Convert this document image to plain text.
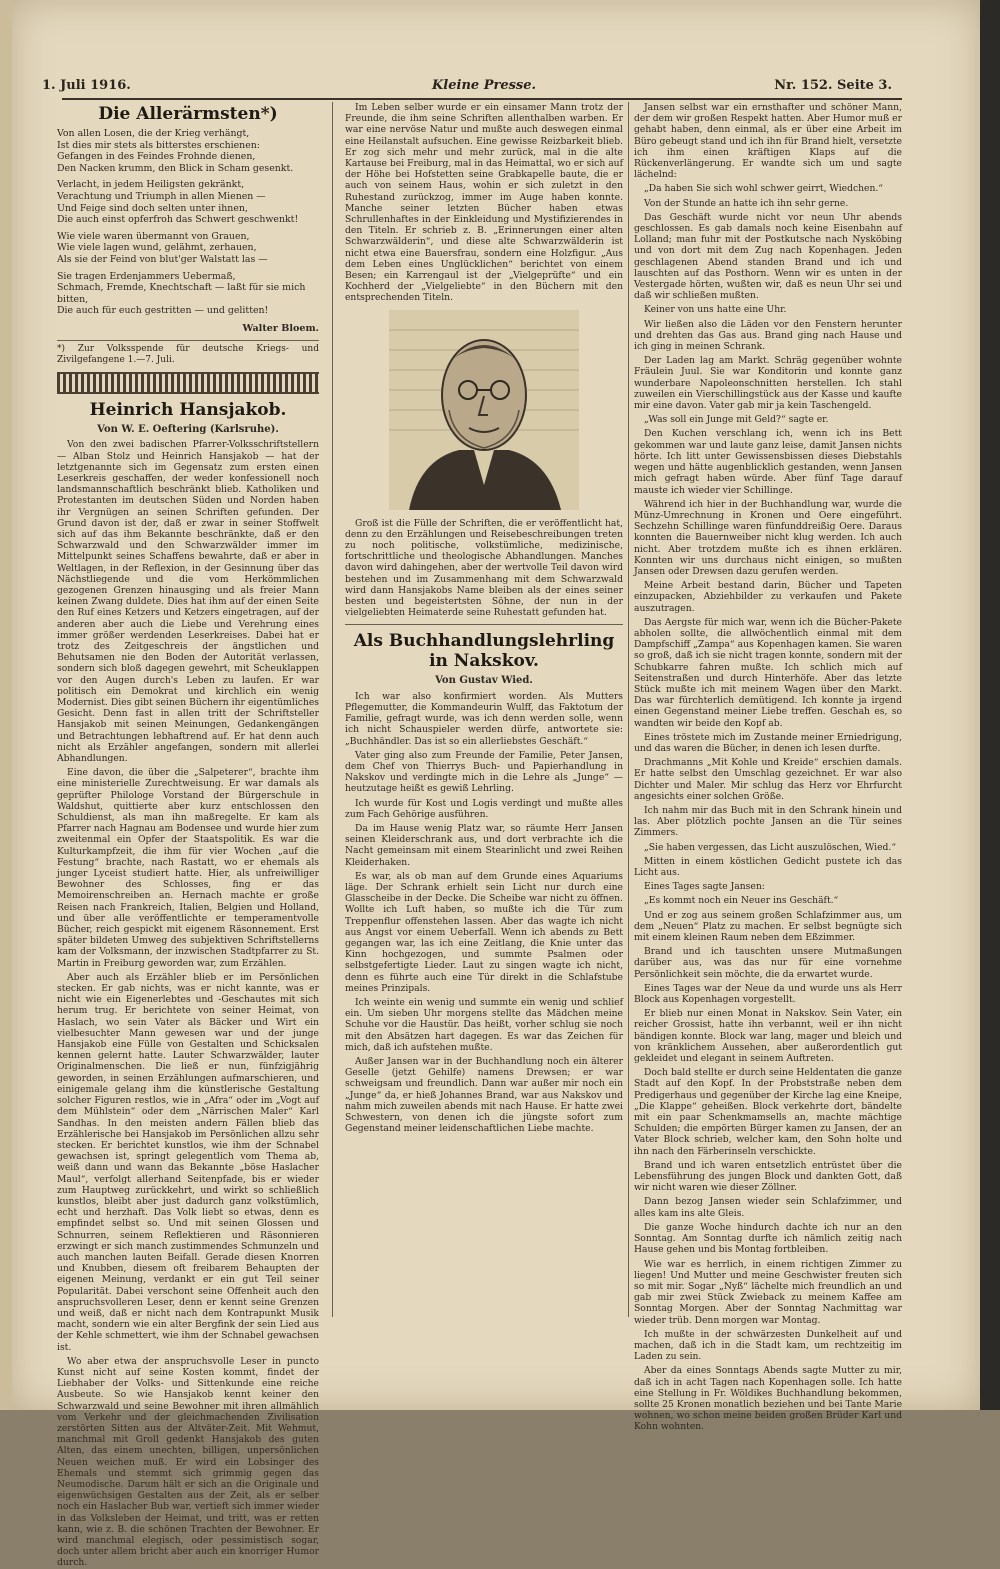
1. Juli 1916.	Kleine Presse.	Nr. 152. Seite 3.
Die Allerärmsten*)

Von allen Losen, die der Krieg verhängt,
Ist dies mir stets als bitterstes erschienen:
Gefangen in des Feindes Frohnde dienen,
Den Nacken krumm, den Blick in Scham gesenkt.

Verlacht, in jedem Heiligsten gekränkt,
Verachtung und Triumph in allen Mienen —
Und Feige sind doch selten unter ihnen,
Die auch einst opferfroh das Schwert geschwenkt!

Wie viele waren übermannt von Grauen,
Wie viele lagen wund, gelähmt, zerhauen,
Als sie der Feind von blut'ger Walstatt las —

Sie tragen Erdenjammers Uebermaß,
Schmach, Fremde, Knechtschaft — laßt für sie mich bitten,
Die auch für euch gestritten — und gelitten!

Walter Bloem.
*) Zur Volksspende für deutsche Kriegs- und Zivilgefangene 1.—7. Juli.
Heinrich Hansjakob.
Von W. E. Oeftering (Karlsruhe).

Von den zwei badischen Pfarrer-Volksschriftstellern — Alban Stolz und Heinrich Hansjakob — hat der letztgenannte sich im Gegensatz zum ersten einen Leserkreis geschaffen, der weder konfessionell noch landsmannschaftlich beschränkt blieb. Katholiken und Protestanten im deutschen Süden und Norden haben ihr Vergnügen an seinen Schriften gefunden. Der Grund davon ist der, daß er zwar in seiner Stoffwelt sich auf das ihm Bekannte beschränkte, daß er den Schwarzwald und den Schwarzwälder immer im Mittelpunkt seines Schaffens bewahrte, daß er aber in Weltlagen, in der Reflexion, in der Gesinnung über das Nächstliegende und die vom Herkömmlichen gezogenen Grenzen hinausging und als freier Mann keinen Zwang duldete. Dies hat ihm auf der einen Seite den Ruf eines Ketzers und Ketzers eingetragen, auf der anderen aber auch die Liebe und Verehrung eines immer größer werdenden Leserkreises. Dabei hat er trotz des Zeitgeschreis der ängstlichen und Behutsamen nie den Boden der Autorität verlassen, sondern sich bloß dagegen gewehrt, mit Scheuklappen vor den Augen durch's Leben zu laufen. Er war politisch ein Demokrat und kirchlich ein wenig Modernist. Dies gibt seinen Büchern ihr eigentümliches Gesicht. Denn fast in allen tritt der Schriftsteller Hansjakob mit seinen Meinungen, Gedankengängen und Betrachtungen lebhaftrend auf. Er hat denn auch nicht als Erzähler angefangen, sondern mit allerlei Abhandlungen.

Eine davon, die über die „Salpeterer“, brachte ihm eine ministerielle Zurechtweisung. Er war damals als geprüfter Philologe Vorstand der Bürgerschule in Waldshut, quittierte aber kurz entschlossen den Schuldienst, als man ihn maßregelte. Er kam als Pfarrer nach Hagnau am Bodensee und wurde hier zum zweitenmal ein Opfer der Staatspolitik. Es war die Kulturkampfzeit, die ihm für vier Wochen „auf die Festung“ brachte, nach Rastatt, wo er ehemals als junger Lyceist studiert hatte. Hier, als unfreiwilliger Bewohner des Schlosses, fing er das Memoirenschreiben an. Hernach machte er große Reisen nach Frankreich, Italien, Belgien und Holland, und über alle veröffentlichte er temperamentvolle Bücher, reich gespickt mit eigenem Räsonnement. Erst später bildeten Umweg des subjektiven Schriftstellerns kam der Volksmann, der inzwischen Stadtpfarrer zu St. Martin in Freiburg geworden war, zum Erzählen.

Aber auch als Erzähler blieb er im Persönlichen stecken. Er gab nichts, was er nicht kannte, was er nicht wie ein Eigenerlebtes und -Geschautes mit sich herum trug. Er berichtete von seiner Heimat, von Haslach, wo sein Vater als Bäcker und Wirt ein vielbesuchter Mann gewesen war und der junge Hansjakob eine Fülle von Gestalten und Schicksalen kennen gelernt hatte. Lauter Schwarzwälder, lauter Originalmenschen. Die ließ er nun, fünfzigjährig geworden, in seinen Erzählungen aufmarschieren, und einigemale gelang ihm die künstlerische Gestaltung solcher Figuren restlos, wie in „Afra“ oder im „Vogt auf dem Mühlstein“ oder dem „Närrischen Maler“ Karl Sandhas. In den meisten andern Fällen blieb das Erzählerische bei Hansjakob im Persönlichen allzu sehr stecken. Er berichtet kunstlos, wie ihm der Schnabel gewachsen ist, springt gelegentlich vom Thema ab, weiß dann und wann das Bekannte „böse Haslacher Maul“, verfolgt allerhand Seitenpfade, bis er wieder zum Hauptweg zurückkehrt, und wirkt so schließlich kunstlos, bleibt aber just dadurch ganz volkstümlich, echt und herzhaft. Das Volk liebt so etwas, denn es empfindet selbst so. Und mit seinen Glossen und Schnurren, seinem Reflektieren und Räsonnieren erzwingt er sich manch zustimmendes Schmunzeln und auch manchen lauten Beifall. Gerade diesen Knorren und Knubben, diesem oft freibarem Behaupten der eigenen Meinung, verdankt er ein gut Teil seiner Popularität. Dabei verschont seine Offenheit auch den anspruchsvolleren Leser, denn er kennt seine Grenzen und weiß, daß er nicht nach dem Kontrapunkt Musik macht, sondern wie ein alter Bergfink der sein Lied aus der Kehle schmettert, wie ihm der Schnabel gewachsen ist.

Wo aber etwa der anspruchsvolle Leser in puncto Kunst nicht auf seine Kosten kommt, findet der Liebhaber der Volks- und Sittenkunde eine reiche Ausbeute. So wie Hansjakob kennt keiner den Schwarzwald und seine Bewohner mit ihren allmählich vom Verkehr und der gleichmachenden Zivilisation zerstörten Sitten aus der Altväter-Zeit. Mit Wehmut, manchmal mit Groll gedenkt Hansjakob des guten Alten, das einem unechten, billigen, unpersönlichen Neuen weichen muß. Er wird ein Lobsinger des Ehemals und stemmt sich grimmig gegen das Neumodische. Darum hält er sich an die Originale und eigenwüchsigen Gestalten aus der Zeit, als er selber noch ein Haslacher Bub war, vertieft sich immer wieder in das Volksleben der Heimat, und tritt, was er retten kann, wie z. B. die schönen Trachten der Bewohner. Er wird manchmal elegisch, oder pessimistisch sogar, doch unter allem bricht aber auch ein knorriger Humor durch.

Im Leben selber wurde er ein einsamer Mann trotz der Freunde, die ihm seine Schriften allenthalben warben. Er war eine nervöse Natur und mußte auch deswegen einmal eine Heilanstalt aufsuchen. Eine gewisse Reizbarkeit blieb. Er zog sich mehr und mehr zurück, mal in die alte Kartause bei Freiburg, mal in das Heimattal, wo er sich auf der Höhe bei Hofstetten seine Grabkapelle baute, die er auch von seinem Haus, wohin er sich zuletzt in den Ruhestand zurückzog, immer im Auge haben konnte. Manche seiner letzten Bücher haben etwas Schrullenhaftes in der Einkleidung und Mystifizierendes in den Titeln. Er schrieb z. B. „Erinnerungen einer alten Schwarzwälderin“, und diese alte Schwarzwälderin ist nicht etwa eine Bauersfrau, sondern eine Holzfigur. „Aus dem Leben eines Unglücklichen“ berichtet von einem Besen; ein Karrengaul ist der „Vielgeprüfte“ und ein Kochherd der „Vielgeliebte“ in den Büchern mit den entsprechenden Titeln.

Groß ist die Fülle der Schriften, die er veröffentlicht hat, denn zu den Erzählungen und Reisebeschreibungen treten zu noch politische, volkstümliche, medizinische, fortschrittliche und theologische Abhandlungen. Manches davon wird dahingehen, aber der wertvolle Teil davon wird bestehen und im Zusammenhang mit dem Schwarzwald wird dann Hansjakobs Name bleiben als der eines seiner besten und begeistertsten Söhne, der nun in der vielgeliebten Heimaterde seine Ruhestatt gefunden hat.

Als Buchhandlungslehrling in Nakskov.
Von Gustav Wied.

Ich war also konfirmiert worden. Als Mutters Pflegemutter, die Kommandeurin Wulff, das Faktotum der Familie, gefragt wurde, was ich denn werden solle, wenn ich nicht Schauspieler werden dürfe, antwortete sie: „Buchhändler. Das ist so ein allerliebstes Geschäft.“

Vater ging also zum Freunde der Familie, Peter Jansen, dem Chef von Thierrys Buch- und Papierhandlung in Nakskov und verdingte mich in die Lehre als „Junge“ — heutzutage heißt es gewiß Lehrling.

Ich wurde für Kost und Logis verdingt und mußte alles zum Fach Gehörige ausführen.

Da im Hause wenig Platz war, so räumte Herr Jansen seinen Kleiderschrank aus, und dort verbrachte ich die Nacht gemeinsam mit einem Stearinlicht und zwei Reihen Kleiderhaken.

Es war, als ob man auf dem Grunde eines Aquariums läge. Der Schrank erhielt sein Licht nur durch eine Glasscheibe in der Decke. Die Scheibe war nicht zu öffnen. Wollte ich Luft haben, so mußte ich die Tür zum Treppenflur offenstehen lassen. Aber das wagte ich nicht aus Angst vor einem Ueberfall. Wenn ich abends zu Bett gegangen war, las ich eine Zeitlang, die Knie unter das Kinn hochgezogen, und summte Psalmen oder selbstgefertigte Lieder. Laut zu singen wagte ich nicht, denn es führte auch eine Tür direkt in die Schlafstube meines Prinzipals.

Ich weinte ein wenig und summte ein wenig und schlief ein. Um sieben Uhr morgens stellte das Mädchen meine Schuhe vor die Haustür. Das heißt, vorher schlug sie noch mit den Absätzen hart dagegen. Es war das Zeichen für mich, daß ich aufstehen mußte.

Außer Jansen war in der Buchhandlung noch ein älterer Geselle (jetzt Gehilfe) namens Drewsen; er war schweigsam und freundlich. Dann war außer mir noch ein „Junge“ da, er hieß Johannes Brand, war aus Nakskov und nahm mich zuweilen abends mit nach Hause. Er hatte zwei Schwestern, von denen ich die jüngste sofort zum Gegenstand meiner leidenschaftlichen Liebe machte.

Jansen selbst war ein ernsthafter und schöner Mann, der dem wir großen Respekt hatten. Aber Humor muß er gehabt haben, denn einmal, als er über eine Arbeit im Büro gebeugt stand und ich ihn für Brand hielt, versetzte ich ihm einen kräftigen Klaps auf die Rückenverlängerung. Er wandte sich um und sagte lächelnd:

„Da haben Sie sich wohl schwer geirrt, Wiedchen.“

Von der Stunde an hatte ich ihn sehr gerne.

Das Geschäft wurde nicht vor neun Uhr abends geschlossen. Es gab damals noch keine Eisenbahn auf Lolland; man fuhr mit der Postkutsche nach Nysköbing und von dort mit dem Zug nach Kopenhagen. Jeden geschlagenen Abend standen Brand und ich und lauschten auf das Posthorn. Wenn wir es unten in der Vestergade hörten, wußten wir, daß es neun Uhr sei und daß wir schließen mußten.

Keiner von uns hatte eine Uhr.

Wir ließen also die Läden vor den Fenstern herunter und drehten das Gas aus. Brand ging nach Hause und ich ging in meinen Schrank.

Der Laden lag am Markt. Schräg gegenüber wohnte Fräulein Juul. Sie war Konditorin und konnte ganz wunderbare Napoleonschnitten herstellen. Ich stahl zuweilen ein Vierschillingstück aus der Kasse und kaufte mir eine davon. Vater gab mir ja kein Taschengeld.

„Was soll ein Junge mit Geld?“ sagte er.

Den Kuchen verschlang ich, wenn ich ins Bett gekommen war und laute ganz leise, damit Jansen nichts hörte. Ich litt unter Gewissensbissen dieses Diebstahls wegen und hätte augenblicklich gestanden, wenn Jansen mich gefragt haben würde. Aber fünf Tage darauf mauste ich wieder vier Schillinge.

Während ich hier in der Buchhandlung war, wurde die Münz-Umrechnung in Kronen und Oere eingeführt. Sechzehn Schillinge waren fünfunddreißig Oere. Daraus konnten die Bauernweiber nicht klug werden. Ich auch nicht. Aber trotzdem mußte ich es ihnen erklären. Konnten wir uns durchaus nicht einigen, so mußten Jansen oder Drewsen dazu gerufen werden.

Meine Arbeit bestand darin, Bücher und Tapeten einzupacken, Abziehbilder zu verkaufen und Pakete auszutragen.

Das Aergste für mich war, wenn ich die Bücher-Pakete abholen sollte, die allwöchentlich einmal mit dem Dampfschiff „Zampa“ aus Kopenhagen kamen. Sie waren so groß, daß ich sie nicht tragen konnte, sondern mit der Schubkarre fahren mußte. Ich schlich mich auf Seitenstraßen und durch Hinterhöfe. Aber das letzte Stück mußte ich mit meinem Wagen über den Markt. Das war fürchterlich demütigend. Ich konnte ja irgend einen Gegenstand meiner Liebe treffen. Geschah es, so wandten wir beide den Kopf ab.

Eines tröstete mich im Zustande meiner Erniedrigung, und das waren die Bücher, in denen ich lesen durfte.

Drachmanns „Mit Kohle und Kreide“ erschien damals. Er hatte selbst den Umschlag gezeichnet. Er war also Dichter und Maler. Mir schlug das Herz vor Ehrfurcht angesichts einer solchen Größe.

Ich nahm mir das Buch mit in den Schrank hinein und las. Aber plötzlich pochte Jansen an die Tür seines Zimmers.

„Sie haben vergessen, das Licht auszulöschen, Wied.“

Mitten in einem köstlichen Gedicht pustete ich das Licht aus.

Eines Tages sagte Jansen:

„Es kommt noch ein Neuer ins Geschäft.“

Und er zog aus seinem großen Schlafzimmer aus, um dem „Neuen“ Platz zu machen. Er selbst begnügte sich mit einem kleinen Raum neben dem Eßzimmer.

Brand und ich tauschten unsere Mutmaßungen darüber aus, was das nur für eine vornehme Persönlichkeit sein möchte, die da erwartet wurde.

Eines Tages war der Neue da und wurde uns als Herr Block aus Kopenhagen vorgestellt.

Er blieb nur einen Monat in Nakskov. Sein Vater, ein reicher Grossist, hatte ihn verbannt, weil er ihn nicht bändigen konnte. Block war lang, mager und bleich und von kränklichem Aussehen, aber außerordentlich gut gekleidet und elegant in seinem Auftreten.

Doch bald stellte er durch seine Heldentaten die ganze Stadt auf den Kopf. In der Probststraße neben dem Predigerhaus und gegenüber der Kirche lag eine Kneipe, „Die Klappe“ geheißen. Block verkehrte dort, bändelte mit ein paar Schenkmamsells an, machte mächtige Schulden; die empörten Bürger kamen zu Jansen, der an Vater Block schrieb, welcher kam, den Sohn holte und ihn nach den Färberinseln verschickte.

Brand und ich waren entsetzlich entrüstet über die Lebensführung des jungen Block und dankten Gott, daß wir nicht waren wie dieser Zöllner.

Dann bezog Jansen wieder sein Schlafzimmer, und alles kam ins alte Gleis.

Die ganze Woche hindurch dachte ich nur an den Sonntag. Am Sonntag durfte ich nämlich zeitig nach Hause gehen und bis Montag fortbleiben.

Wie war es herrlich, in einem richtigen Zimmer zu liegen! Und Mutter und meine Geschwister freuten sich so mit mir. Sogar „Nyß“ lächelte mich freundlich an und gab mir zwei Stück Zwieback zu meinem Kaffee am Sonntag Morgen. Aber der Sonntag Nachmittag war wieder trüb. Denn morgen war Montag.

Ich mußte in der schwärzesten Dunkelheit auf und machen, daß ich in die Stadt kam, um rechtzeitig im Laden zu sein.

Aber da eines Sonntags Abends sagte Mutter zu mir, daß ich in acht Tagen nach Kopenhagen solle. Ich hatte eine Stellung in Fr. Wöldikes Buchhandlung bekommen, sollte 25 Kronen monatlich beziehen und bei Tante Marie wohnen, wo schon meine beiden großen Brüder Karl und Kohn wohnten.
